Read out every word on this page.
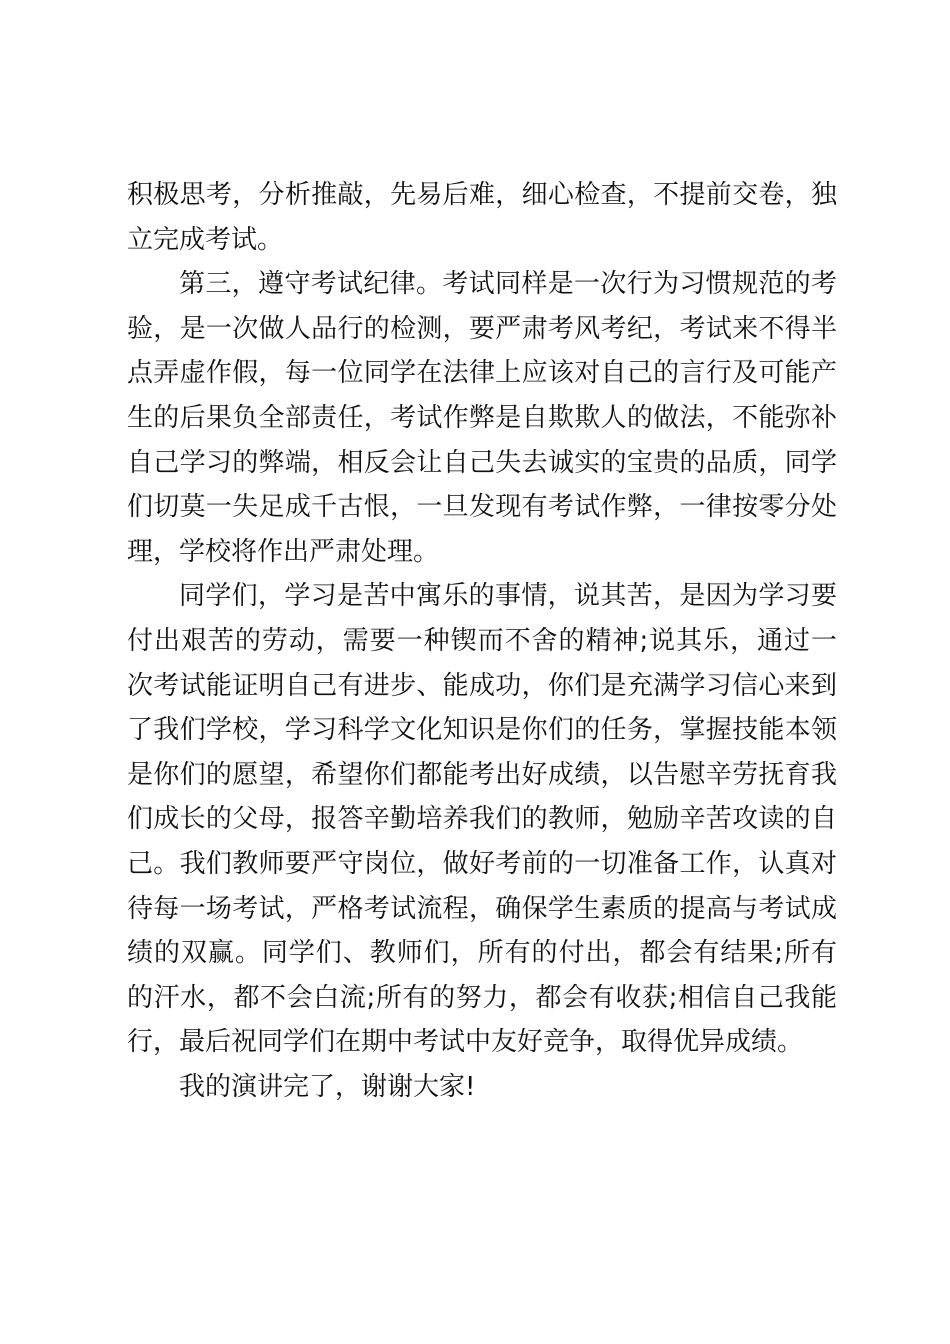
积极思考，分析推敲，先易后难，细心检查，不提前交卷，独立完成考试。

第三，遵守考试纪律。考试同样是一次行为习惯规范的考验，是一次做人品行的检测，要严肃考风考纪，考试来不得半点弄虚作假，每一位同学在法律上应该对自己的言行及可能产生的后果负全部责任，考试作弊是自欺欺人的做法，不能弥补自己学习的弊端，相反会让自己失去诚实的宝贵的品质，同学们切莫一失足成千古恨，一旦发现有考试作弊，一律按零分处理，学校将作出严肃处理。

同学们，学习是苦中寓乐的事情，说其苦，是因为学习要付出艰苦的劳动，需要一种锲而不舍的精神;说其乐，通过一次考试能证明自己有进步、能成功，你们是充满学习信心来到了我们学校，学习科学文化知识是你们的任务，掌握技能本领是你们的愿望，希望你们都能考出好成绩，以告慰辛劳抚育我们成长的父母，报答辛勤培养我们的教师，勉励辛苦攻读的自己。我们教师要严守岗位，做好考前的一切准备工作，认真对待每一场考试，严格考试流程，确保学生素质的提高与考试成绩的双赢。同学们、教师们，所有的付出，都会有结果;所有的汗水，都不会白流;所有的努力，都会有收获;相信自己我能行，最后祝同学们在期中考试中友好竞争，取得优异成绩。

我的演讲完了，谢谢大家!
